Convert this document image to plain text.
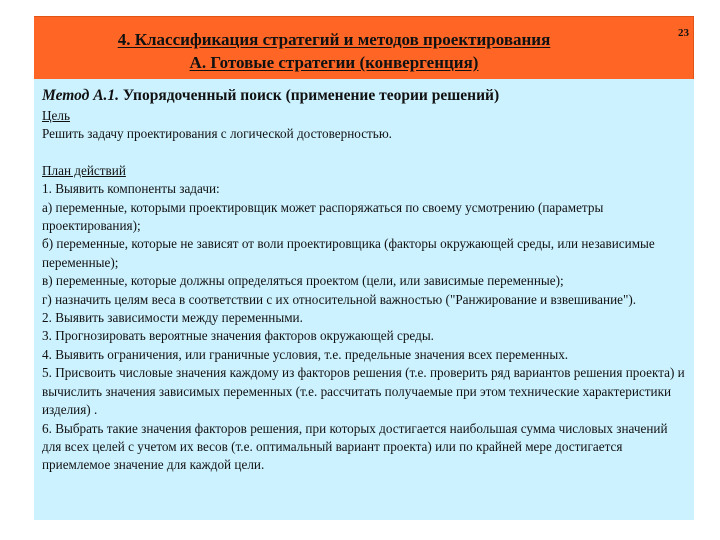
4. Классификация стратегий и методов проектирования
А. Готовые стратегии (конвергенция)
23
Метод А.1. Упорядоченный поиск (применение теории решений)
Цель
Решить задачу проектирования с логической достоверностью.
План действий
1. Выявить компоненты задачи:
а) переменные, которыми проектировщик может распоряжаться по своему усмотрению (параметры проектирования);
б) переменные, которые не зависят от воли проектировщика (факторы окружающей среды, или независимые переменные);
в) переменные, которые должны определяться проектом (цели, или зависимые переменные);
г) назначить целям веса в соответствии с их относительной важностью ("Ранжирование и взвешивание").
2. Выявить зависимости между переменными.
3. Прогнозировать вероятные значения факторов окружающей среды.
4. Выявить ограничения, или граничные условия, т.е. предельные значения всех переменных.
5. Присвоить числовые значения каждому из факторов решения (т.е. проверить ряд вариантов решения проекта) и вычислить значения зависимых переменных (т.е. рассчитать получаемые при этом технические характеристики изделия) .
6. Выбрать такие значения факторов решения, при которых достигается наибольшая сумма числовых значений для всех целей с учетом их весов (т.е. оптимальный вариант проекта) или по крайней мере достигается приемлемое значение для каждой цели.
